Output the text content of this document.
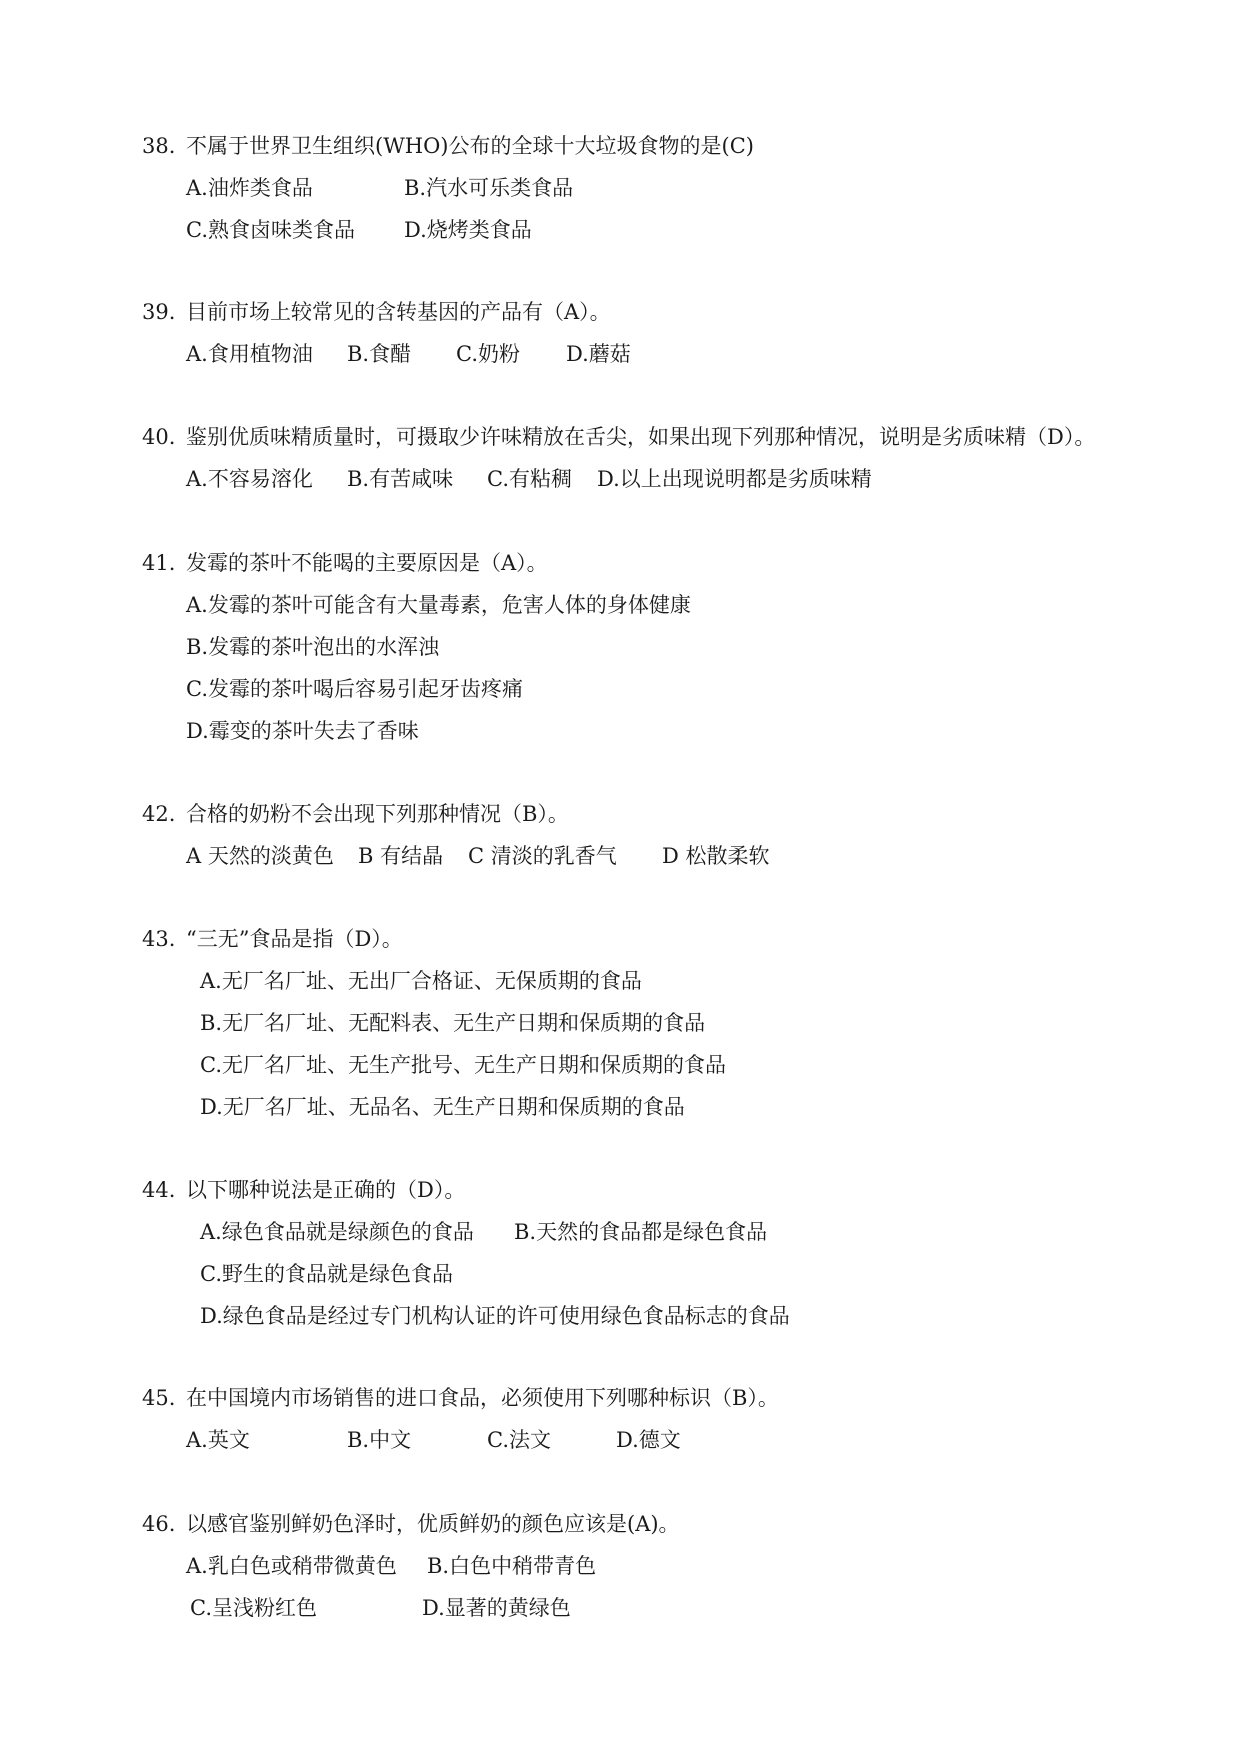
38. 不属于世界卫生组织(WHO)公布的全球十大垃圾食物的是(C)
A.油炸类食品	B.汽水可乐类食品
C.熟食卤味类食品 D.烧烤类食品
39. 目前市场上较常见的含转基因的产品有（A）。
A.食用植物油 B.食醋 C.奶粉 D.蘑菇
40. 鉴别优质味精质量时，可摄取少许味精放在舌尖，如果出现下列那种情况，说明是劣质味精（D）。
A.不容易溶化 B.有苦咸味 C.有粘稠 D.以上出现说明都是劣质味精
41. 发霉的茶叶不能喝的主要原因是（A）。
A.发霉的茶叶可能含有大量毒素，危害人体的身体健康
B.发霉的茶叶泡出的水浑浊
C.发霉的茶叶喝后容易引起牙齿疼痛
D.霉变的茶叶失去了香味
42. 合格的奶粉不会出现下列那种情况（B）。
A 天然的淡黄色 B 有结晶 C 清淡的乳香气 D 松散柔软
43. “三无”食品是指（D）。
A.无厂名厂址、无出厂合格证、无保质期的食品
B.无厂名厂址、无配料表、无生产日期和保质期的食品
C.无厂名厂址、无生产批号、无生产日期和保质期的食品
D.无厂名厂址、无品名、无生产日期和保质期的食品
44. 以下哪种说法是正确的（D）。
A.绿色食品就是绿颜色的食品 B.天然的食品都是绿色食品
C.野生的食品就是绿色食品
D.绿色食品是经过专门机构认证的许可使用绿色食品标志的食品
45. 在中国境内市场销售的进口食品，必须使用下列哪种标识（B）。
A.英文	B.中文	C.法文	D.德文
46. 以感官鉴别鲜奶色泽时，优质鲜奶的颜色应该是(A)。
A.乳白色或稍带微黄色 B.白色中稍带青色
C.呈浅粉红色	D.显著的黄绿色
